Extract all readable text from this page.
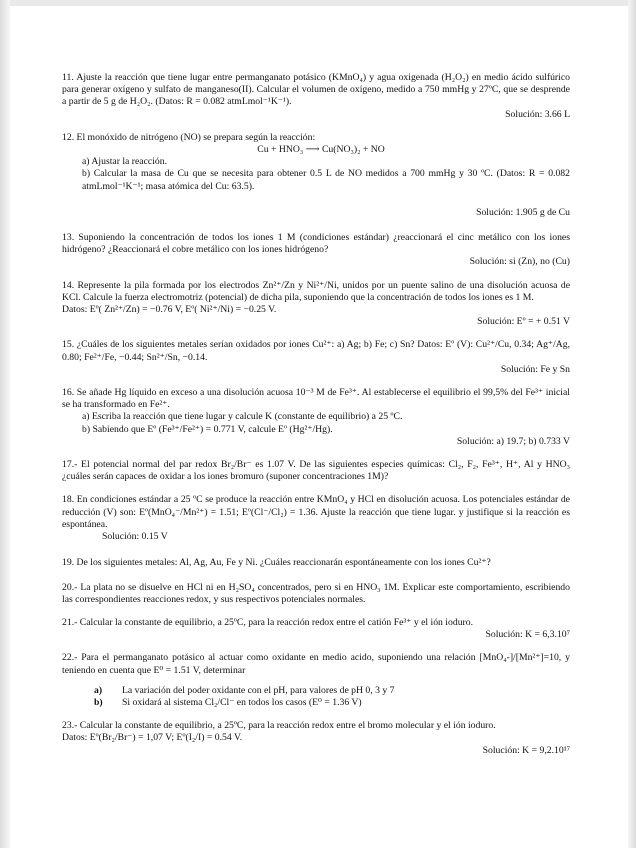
11. Ajuste la reacción que tiene lugar entre permanganato potásico (KMnO₄) y agua oxigenada (H₂O₂) en medio ácido sulfúrico para generar oxígeno y sulfato de manganeso(II). Calcular el volumen de oxígeno, medido a 750 mmHg y 27ºC, que se desprende a partir de 5 g de H₂O₂. (Datos: R = 0.082 atmLmol⁻¹K⁻¹).

Solución: 3.66 L

12. El monóxido de nitrógeno (NO) se prepara según la reacción:

Cu + HNO₃ ⟶ Cu(NO₃)₂ + NO

a) Ajustar la reacción.

b) Calcular la masa de Cu que se necesita para obtener 0.5 L de NO medidos a 700 mmHg y 30 ºC. (Datos: R = 0.082 atmLmol⁻¹K⁻¹; masa atómica del Cu: 63.5).

Solución: 1.905 g de Cu

13. Suponiendo la concentración de todos los iones 1 M (condiciones estándar) ¿reaccionará el cinc metálico con los iones hidrógeno? ¿Reaccionará el cobre metálico con los iones hidrógeno?

Solución: si (Zn), no (Cu)

14. Represente la pila formada por los electrodos Zn²⁺/Zn y Ni²⁺/Ni, unidos por un puente salino de una disolución acuosa de KCl. Calcule la fuerza electromotriz (potencial) de dicha pila, suponiendo que la concentración de todos los iones es 1 M.

Datos: Eº( Zn²⁺/Zn) = −0.76 V, Eº( Ni²⁺/Ni) = −0.25 V.

Solución: Eº = + 0.51 V

15. ¿Cuáles de los siguientes metales serían oxidados por iones Cu²⁺: a) Ag; b) Fe; c) Sn? Datos: Eº (V): Cu²⁺/Cu, 0.34; Ag⁺/Ag, 0.80; Fe²⁺/Fe, −0.44; Sn²⁺/Sn, −0.14.

Solución: Fe y Sn

16. Se añade Hg líquido en exceso a una disolución acuosa 10⁻³ M de Fe³⁺. Al establecerse el equilibrio el 99,5% del Fe³⁺ inicial se ha transformado en Fe²⁺.

a) Escriba la reacción que tiene lugar y calcule K (constante de equilibrio) a 25 ºC.

b) Sabiendo que Eº (Fe³⁺/Fe²⁺) = 0.771 V, calcule Eº (Hg²⁺/Hg).

Solución: a) 19.7; b) 0.733 V

17.- El potencial normal del par redox Br₂/Br⁻ es 1.07 V. De las siguientes especies químicas: Cl₂, F₂, Fe³⁺, H⁺, Al y HNO₃ ¿cuáles serán capaces de oxidar a los iones bromuro (suponer concentraciones 1M)?

18. En condiciones estándar a 25 ºC se produce la reacción entre KMnO₄ y HCl en disolución acuosa. Los potenciales estándar de reducción (V) son: Eº(MnO₄⁻/Mn²⁺) = 1.51; Eº(Cl⁻/Cl₂) = 1.36. Ajuste la reacción que tiene lugar. y justifique si la reacción es espontánea.

Solución: 0.15 V

19. De los siguientes metales: Al, Ag, Au, Fe y Ni. ¿Cuáles reaccionarán espontáneamente con los iones Cu²⁺?

20.- La plata no se disuelve en HCl ni en H₂SO₄ concentrados, pero si en HNO₃ 1M. Explicar este comportamiento, escribiendo las correspondientes reacciones redox, y sus respectivos potenciales normales.

21.- Calcular la constante de equilibrio, a 25ºC, para la reacción redox entre el catión Fe³⁺ y el ión ioduro.

Solución: K = 6,3.10⁷

22.- Para el permanganato potásico al actuar como oxidante en medio acido, suponiendo una relación [MnO₄-]/[Mn²⁺]=10, y teniendo en cuenta que E⁰ = 1.51 V, determinar

a)	La variación del poder oxidante con el pH, para valores de pH 0, 3 y 7
b)	Si oxidará al sistema Cl₂/Cl⁻ en todos los casos (E⁰ = 1.36 V)

23.- Calcular la constante de equilibrio, a 25ºC, para la reacción redox entre el bromo molecular y el ión ioduro.

Datos: Eº(Br₂/Br⁻) = 1,07 V; Eº(I₂/I) = 0.54 V.

Solución: K = 9,2.10¹⁷
